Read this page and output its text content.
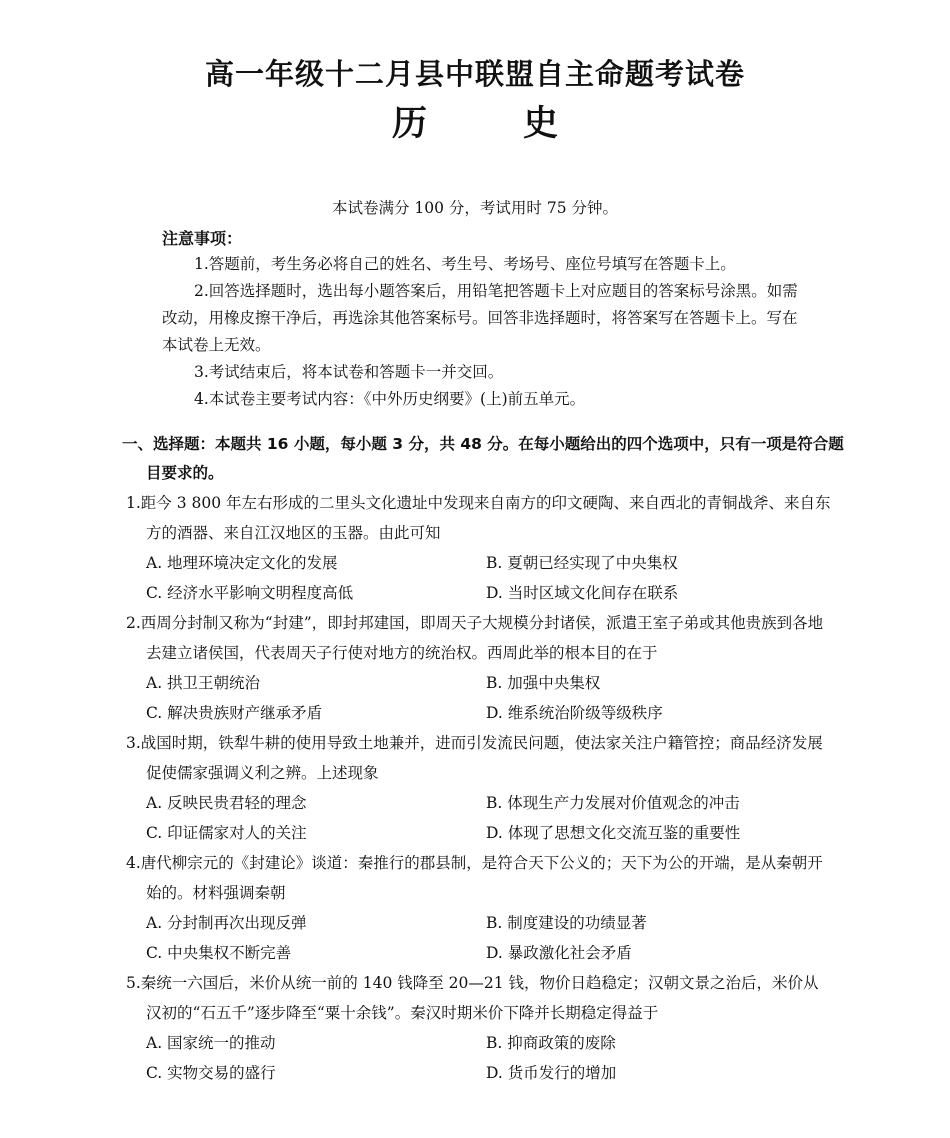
高一年级十二月县中联盟自主命题考试卷
历	史
本试卷满分 100 分，考试用时 75 分钟。
注意事项：

1.答题前，考生务必将自己的姓名、考生号、考场号、座位号填写在答题卡上。

2.回答选择题时，选出每小题答案后，用铅笔把答题卡上对应题目的答案标号涂黑。如需改动，用橡皮擦干净后，再选涂其他答案标号。回答非选择题时，将答案写在答题卡上。写在本试卷上无效。

3.考试结束后，将本试卷和答题卡一并交回。

4.本试卷主要考试内容：《中外历史纲要》(上)前五单元。

一、选择题：本题共 16 小题，每小题 3 分，共 48 分。在每小题给出的四个选项中，只有一项是符合题目要求的。
1.距今 3 800 年左右形成的二里头文化遗址中发现来自南方的印文硬陶、来自西北的青铜战斧、来自东方的酒器、来自江汉地区的玉器。由此可知
A. 地理环境决定文化的发展	B. 夏朝已经实现了中央集权
C. 经济水平影响文明程度高低	D. 当时区域文化间存在联系
2.西周分封制又称为“封建”，即封邦建国，即周天子大规模分封诸侯，派遣王室子弟或其他贵族到各地去建立诸侯国，代表周天子行使对地方的统治权。西周此举的根本目的在于
A. 拱卫王朝统治	B. 加强中央集权
C. 解决贵族财产继承矛盾	D. 维系统治阶级等级秩序
3.战国时期，铁犁牛耕的使用导致土地兼并，进而引发流民问题，使法家关注户籍管控；商品经济发展促使儒家强调义利之辨。上述现象
A. 反映民贵君轻的理念	B. 体现生产力发展对价值观念的冲击
C. 印证儒家对人的关注	D. 体现了思想文化交流互鉴的重要性
4.唐代柳宗元的《封建论》谈道：秦推行的郡县制，是符合天下公义的；天下为公的开端，是从秦朝开始的。材料强调秦朝
A. 分封制再次出现反弹	B. 制度建设的功绩显著
C. 中央集权不断完善	D. 暴政激化社会矛盾
5.秦统一六国后，米价从统一前的 140 钱降至 20—21 钱，物价日趋稳定；汉朝文景之治后，米价从汉初的“石五千”逐步降至“粟十余钱”。秦汉时期米价下降并长期稳定得益于
A. 国家统一的推动	B. 抑商政策的废除
C. 实物交易的盛行	D. 货币发行的增加
